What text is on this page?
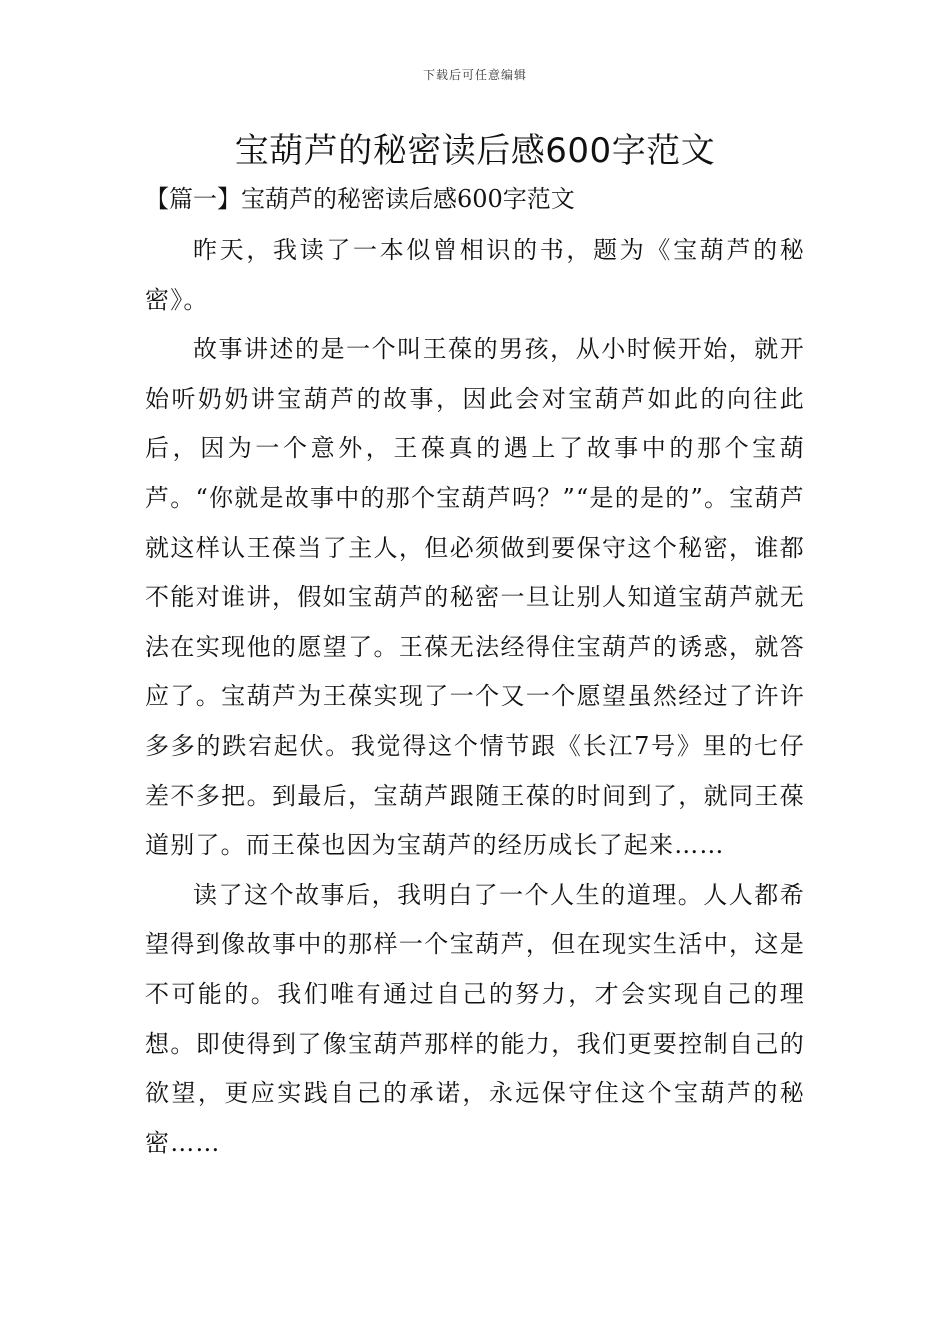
下载后可任意编辑
宝葫芦的秘密读后感600字范文

【篇一】宝葫芦的秘密读后感600字范文

昨天，我读了一本似曾相识的书，题为《宝葫芦的秘密》。

故事讲述的是一个叫王葆的男孩，从小时候开始，就开始听奶奶讲宝葫芦的故事，因此会对宝葫芦如此的向往此后，因为一个意外，王葆真的遇上了故事中的那个宝葫芦。“你就是故事中的那个宝葫芦吗？”“是的是的”。宝葫芦就这样认王葆当了主人，但必须做到要保守这个秘密，谁都不能对谁讲，假如宝葫芦的秘密一旦让别人知道宝葫芦就无法在实现他的愿望了。王葆无法经得住宝葫芦的诱惑，就答应了。宝葫芦为王葆实现了一个又一个愿望虽然经过了许许多多的跌宕起伏。我觉得这个情节跟《长江7号》里的七仔差不多把。到最后，宝葫芦跟随王葆的时间到了，就同王葆道别了。而王葆也因为宝葫芦的经历成长了起来……

读了这个故事后，我明白了一个人生的道理。人人都希望得到像故事中的那样一个宝葫芦，但在现实生活中，这是不可能的。我们唯有通过自己的努力，才会实现自己的理想。即使得到了像宝葫芦那样的能力，我们更要控制自己的欲望，更应实践自己的承诺，永远保守住这个宝葫芦的秘密……
